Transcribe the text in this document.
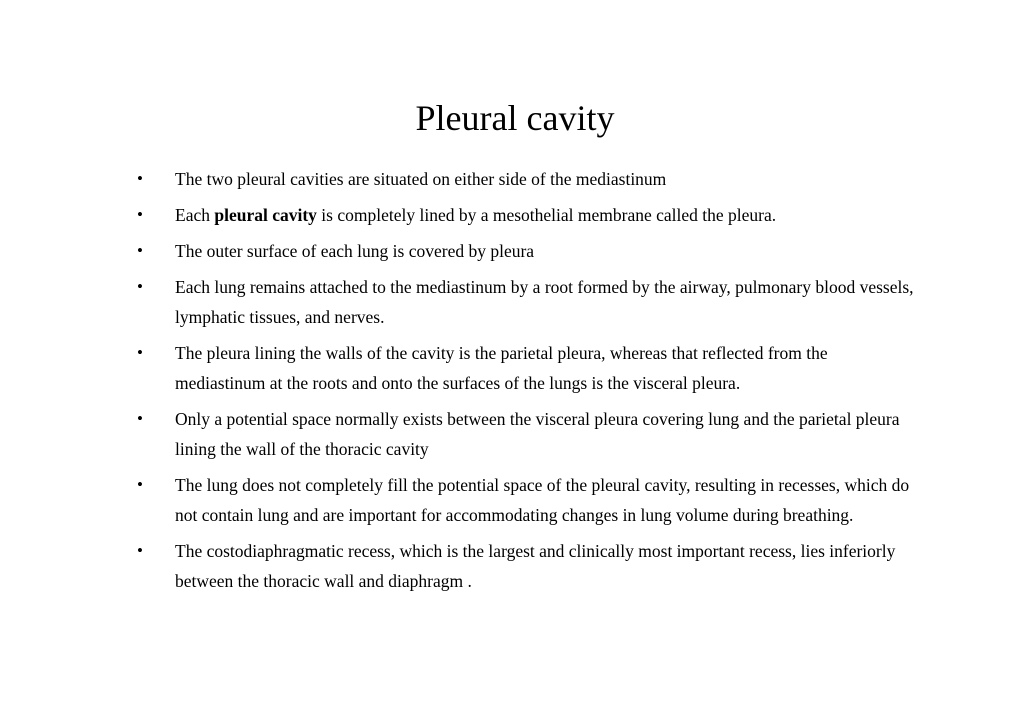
Pleural cavity
•	The two pleural cavities are situated on either side of the mediastinum
•	Each pleural cavity is completely lined by a mesothelial membrane called the pleura.
•	The outer surface of each lung is covered by pleura
•	Each lung remains attached to the mediastinum by a root formed by the airway, pulmonary blood vessels, lymphatic tissues, and nerves.
•	The pleura lining the walls of the cavity is the parietal pleura, whereas that reflected from the mediastinum at the roots and onto the surfaces of the lungs is the visceral pleura.
•	Only a potential space normally exists between the visceral pleura covering lung and the parietal pleura lining the wall of the thoracic cavity
•	The lung does not completely fill the potential space of the pleural cavity, resulting in recesses, which do not contain lung and are important for accommodating changes in lung volume during breathing.
•	The costodiaphragmatic recess, which is the largest and clinically most important recess, lies inferiorly between the thoracic wall and diaphragm .
